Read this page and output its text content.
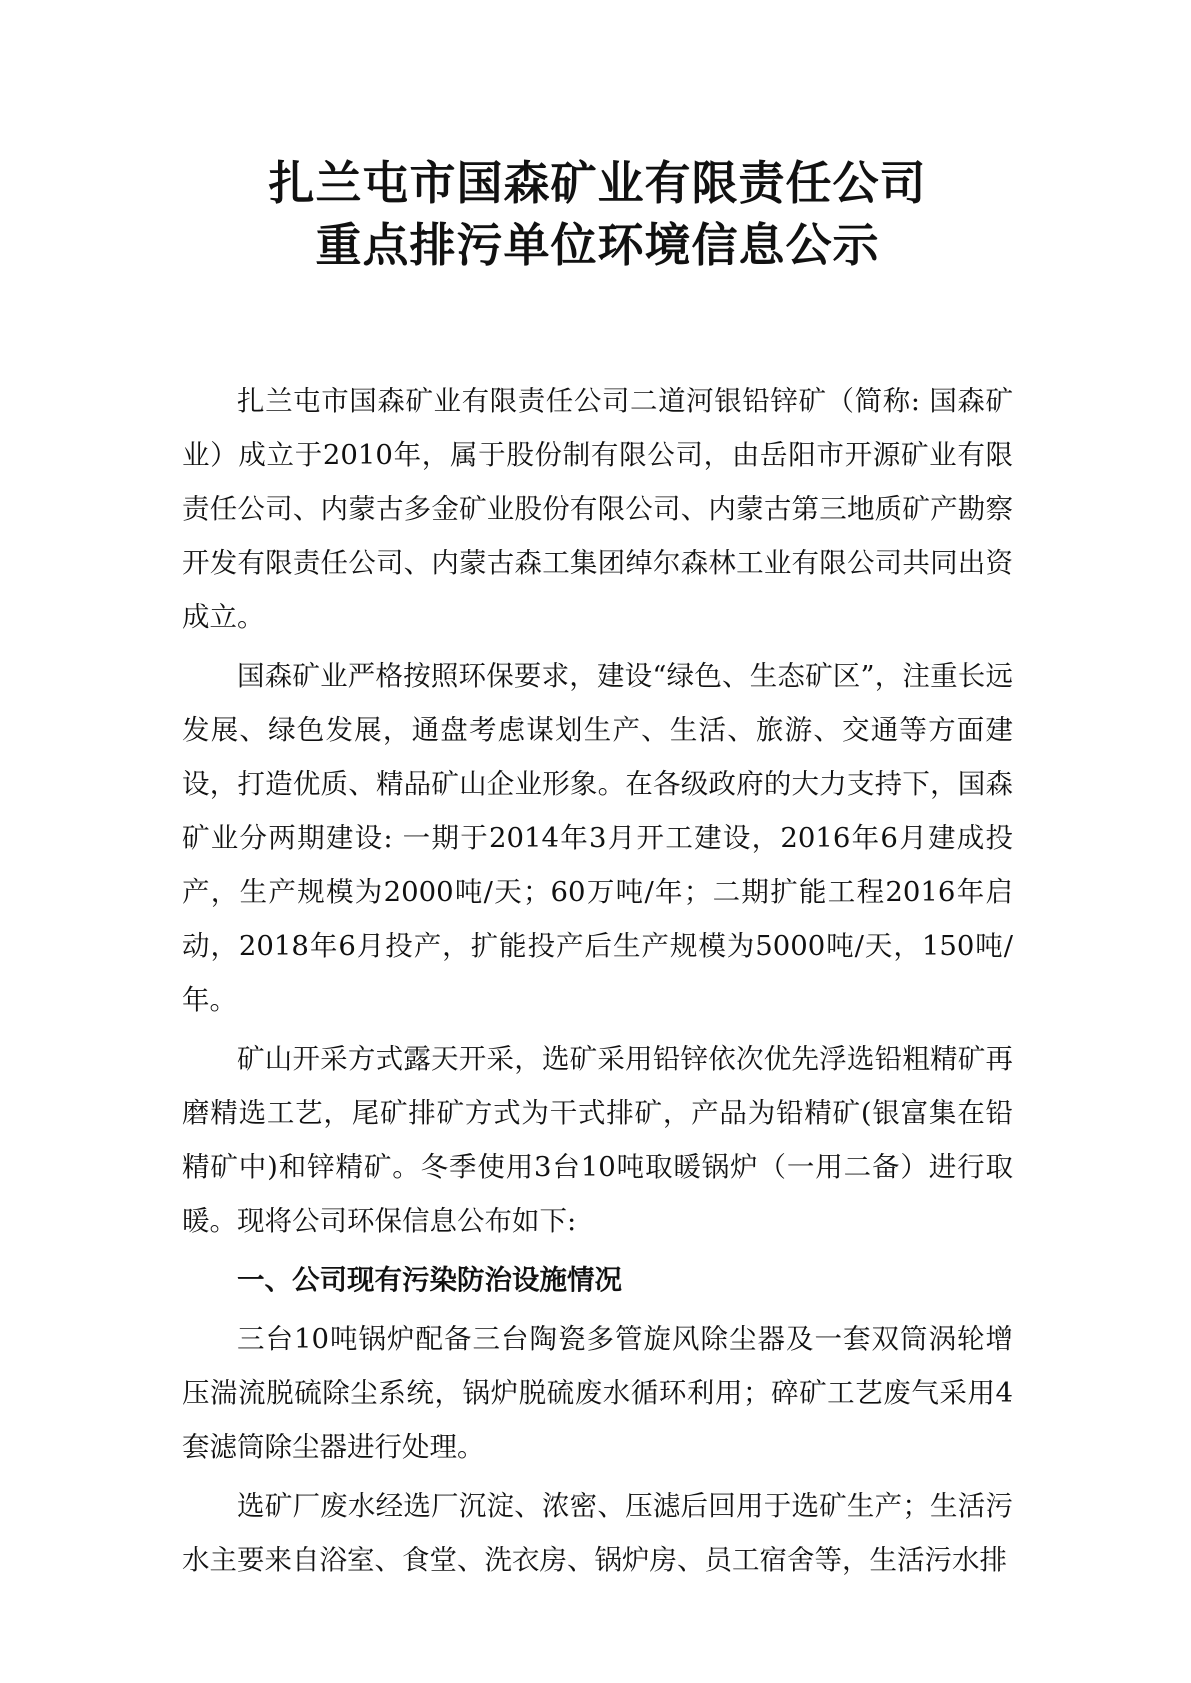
扎兰屯市国森矿业有限责任公司
重点排污单位环境信息公示

扎兰屯市国森矿业有限责任公司二道河银铅锌矿（简称: 国森矿业）成立于2010年，属于股份制有限公司，由岳阳市开源矿业有限责任公司、内蒙古多金矿业股份有限公司、内蒙古第三地质矿产勘察开发有限责任公司、内蒙古森工集团绰尔森林工业有限公司共同出资成立。

国森矿业严格按照环保要求，建设“绿色、生态矿区”，注重长远发展、绿色发展，通盘考虑谋划生产、生活、旅游、交通等方面建设，打造优质、精品矿山企业形象。在各级政府的大力支持下，国森矿业分两期建设: 一期于2014年3月开工建设，2016年6月建成投产，生产规模为2000吨/天；60万吨/年；二期扩能工程2016年启动，2018年6月投产，扩能投产后生产规模为5000吨/天，150吨/年。

矿山开采方式露天开采，选矿采用铅锌依次优先浮选铅粗精矿再磨精选工艺，尾矿排矿方式为干式排矿，产品为铅精矿(银富集在铅精矿中)和锌精矿。冬季使用3台10吨取暖锅炉（一用二备）进行取暖。现将公司环保信息公布如下:

一、公司现有污染防治设施情况

三台10吨锅炉配备三台陶瓷多管旋风除尘器及一套双筒涡轮增压湍流脱硫除尘系统，锅炉脱硫废水循环利用；碎矿工艺废气采用4套滤筒除尘器进行处理。

选矿厂废水经选厂沉淀、浓密、压滤后回用于选矿生产；生活污水主要来自浴室、食堂、洗衣房、锅炉房、员工宿舍等，生活污水排
